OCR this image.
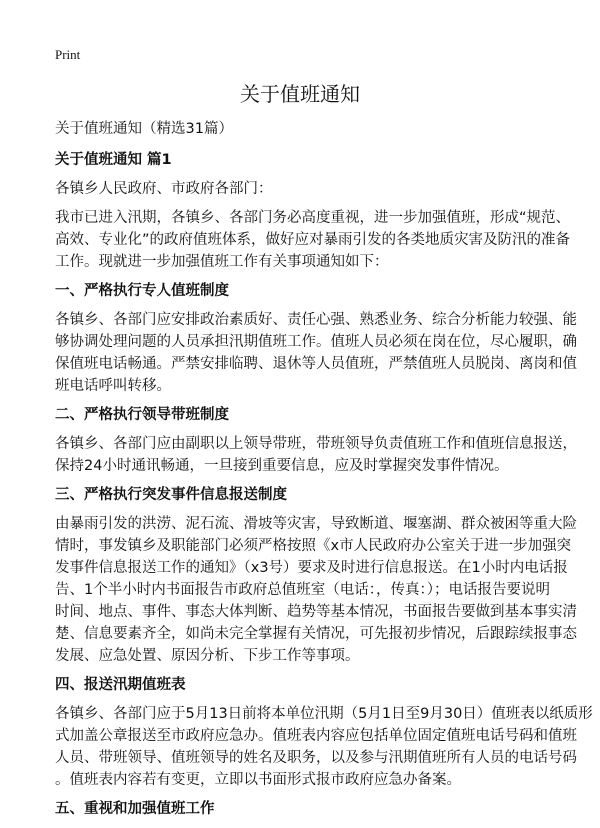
Print
关于值班通知
关于值班通知（精选31篇）
关于值班通知 篇1
各镇乡人民政府、市政府各部门：
我市已进入汛期，各镇乡、各部门务必高度重视，进一步加强值班，形成“规范、
高效、专业化”的政府值班体系，做好应对暴雨引发的各类地质灾害及防汛的准备
工作。现就进一步加强值班工作有关事项通知如下：
一、严格执行专人值班制度
各镇乡、各部门应安排政治素质好、责任心强、熟悉业务、综合分析能力较强、能
够协调处理问题的人员承担汛期值班工作。值班人员必须在岗在位，尽心履职，确
保值班电话畅通。严禁安排临聘、退休等人员值班，严禁值班人员脱岗、离岗和值
班电话呼叫转移。
二、严格执行领导带班制度
各镇乡、各部门应由副职以上领导带班，带班领导负责值班工作和值班信息报送，
保持24小时通讯畅通，一旦接到重要信息，应及时掌握突发事件情况。
三、严格执行突发事件信息报送制度
由暴雨引发的洪涝、泥石流、滑坡等灾害，导致断道、堰塞湖、群众被困等重大险
情时，事发镇乡及职能部门必须严格按照《x市人民政府办公室关于进一步加强突
发事件信息报送工作的通知》（x3号）要求及时进行信息报送。在1小时内电话报
告、1个半小时内书面报告市政府总值班室（电话：，传真：）；电话报告要说明
时间、地点、事件、事态大体判断、趋势等基本情况，书面报告要做到基本事实清
楚、信息要素齐全，如尚未完全掌握有关情况，可先报初步情况，后跟踪续报事态
发展、应急处置、原因分析、下步工作等事项。
四、报送汛期值班表
各镇乡、各部门应于5月13日前将本单位汛期（5月1日至9月30日）值班表以纸质形
式加盖公章报送至市政府应急办。值班表内容应包括单位固定值班电话号码和值班
人员、带班领导、值班领导的姓名及职务，以及参与汛期值班所有人员的电话号码
。值班表内容若有变更，立即以书面形式报市政府应急办备案。
五、重视和加强值班工作
